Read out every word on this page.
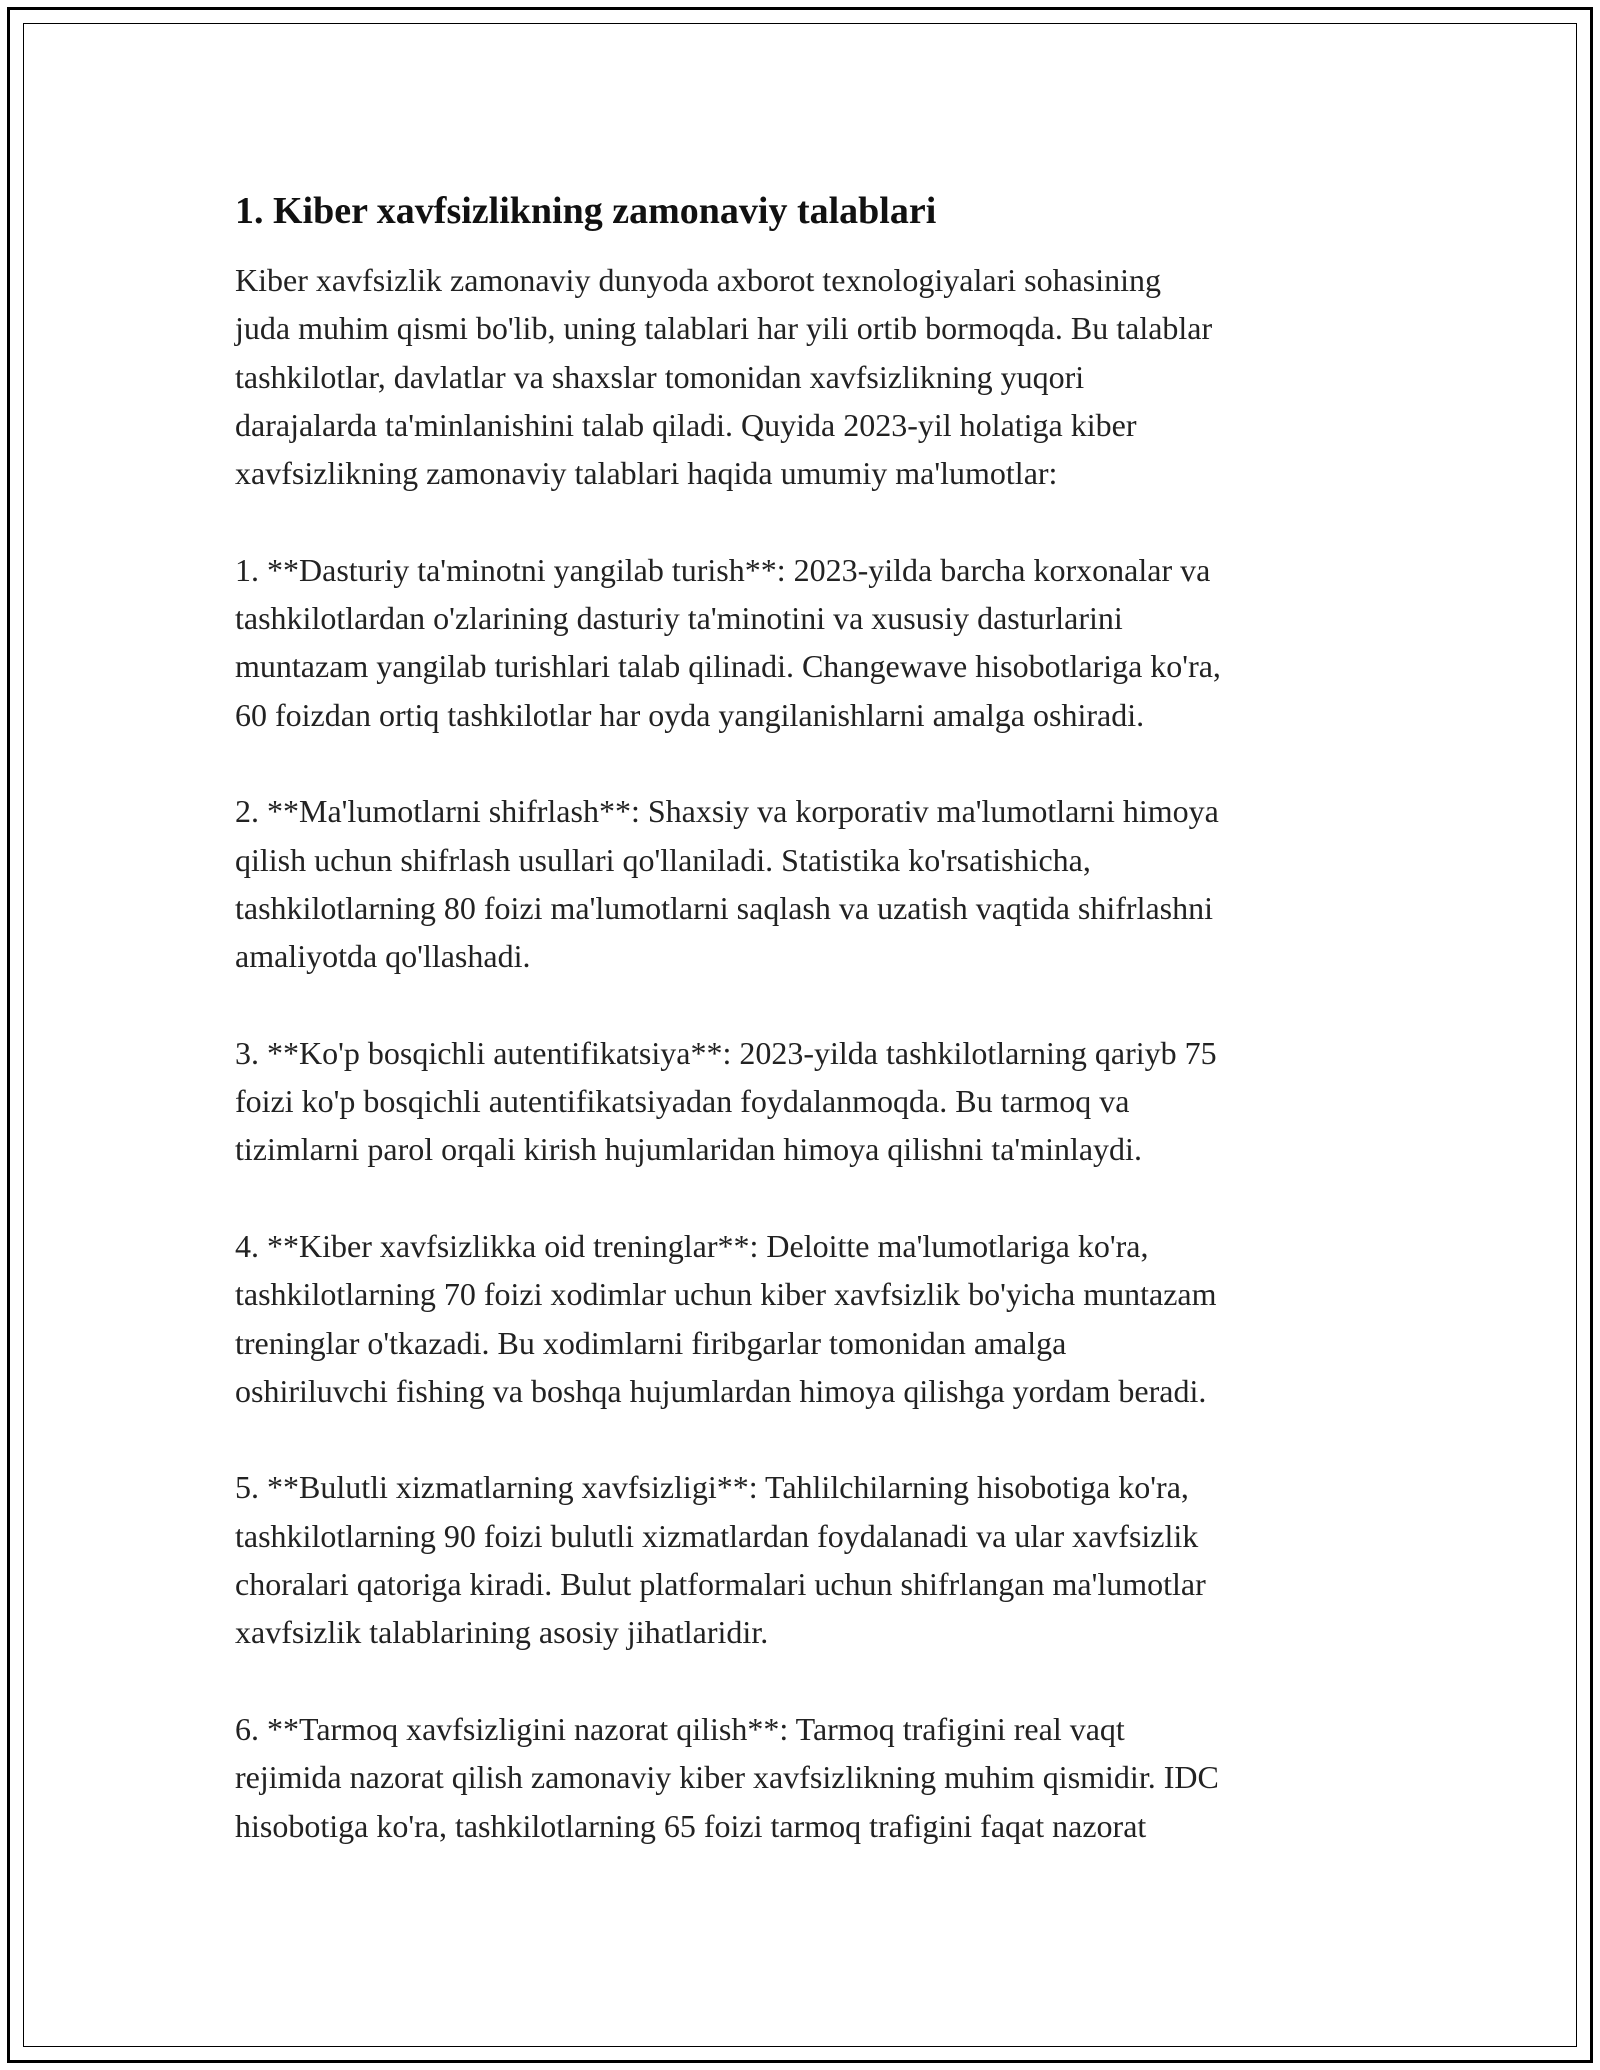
1. Kiber xavfsizlikning zamonaviy talablari
Kiber xavfsizlik zamonaviy dunyoda axborot texnologiyalari sohasining
juda muhim qismi bo'lib, uning talablari har yili ortib bormoqda. Bu talablar
tashkilotlar, davlatlar va shaxslar tomonidan xavfsizlikning yuqori
darajalarda ta'minlanishini talab qiladi. Quyida 2023-yil holatiga kiber
xavfsizlikning zamonaviy talablari haqida umumiy ma'lumotlar:
1. **Dasturiy ta'minotni yangilab turish**: 2023-yilda barcha korxonalar va
tashkilotlardan o'zlarining dasturiy ta'minotini va xususiy dasturlarini
muntazam yangilab turishlari talab qilinadi. Changewave hisobotlariga ko'ra,
60 foizdan ortiq tashkilotlar har oyda yangilanishlarni amalga oshiradi.
2. **Ma'lumotlarni shifrlash**: Shaxsiy va korporativ ma'lumotlarni himoya
qilish uchun shifrlash usullari qo'llaniladi. Statistika ko'rsatishicha,
tashkilotlarning 80 foizi ma'lumotlarni saqlash va uzatish vaqtida shifrlashni
amaliyotda qo'llashadi.
3. **Ko'p bosqichli autentifikatsiya**: 2023-yilda tashkilotlarning qariyb 75
foizi ko'p bosqichli autentifikatsiyadan foydalanmoqda. Bu tarmoq va
tizimlarni parol orqali kirish hujumlaridan himoya qilishni ta'minlaydi.
4. **Kiber xavfsizlikka oid treninglar**: Deloitte ma'lumotlariga ko'ra,
tashkilotlarning 70 foizi xodimlar uchun kiber xavfsizlik bo'yicha muntazam
treninglar o'tkazadi. Bu xodimlarni firibgarlar tomonidan amalga
oshiriluvchi fishing va boshqa hujumlardan himoya qilishga yordam beradi.
5. **Bulutli xizmatlarning xavfsizligi**: Tahlilchilarning hisobotiga ko'ra,
tashkilotlarning 90 foizi bulutli xizmatlardan foydalanadi va ular xavfsizlik
choralari qatoriga kiradi. Bulut platformalari uchun shifrlangan ma'lumotlar
xavfsizlik talablarining asosiy jihatlaridir.
6. **Tarmoq xavfsizligini nazorat qilish**: Tarmoq trafigini real vaqt
rejimida nazorat qilish zamonaviy kiber xavfsizlikning muhim qismidir. IDC
hisobotiga ko'ra, tashkilotlarning 65 foizi tarmoq trafigini faqat nazorat
